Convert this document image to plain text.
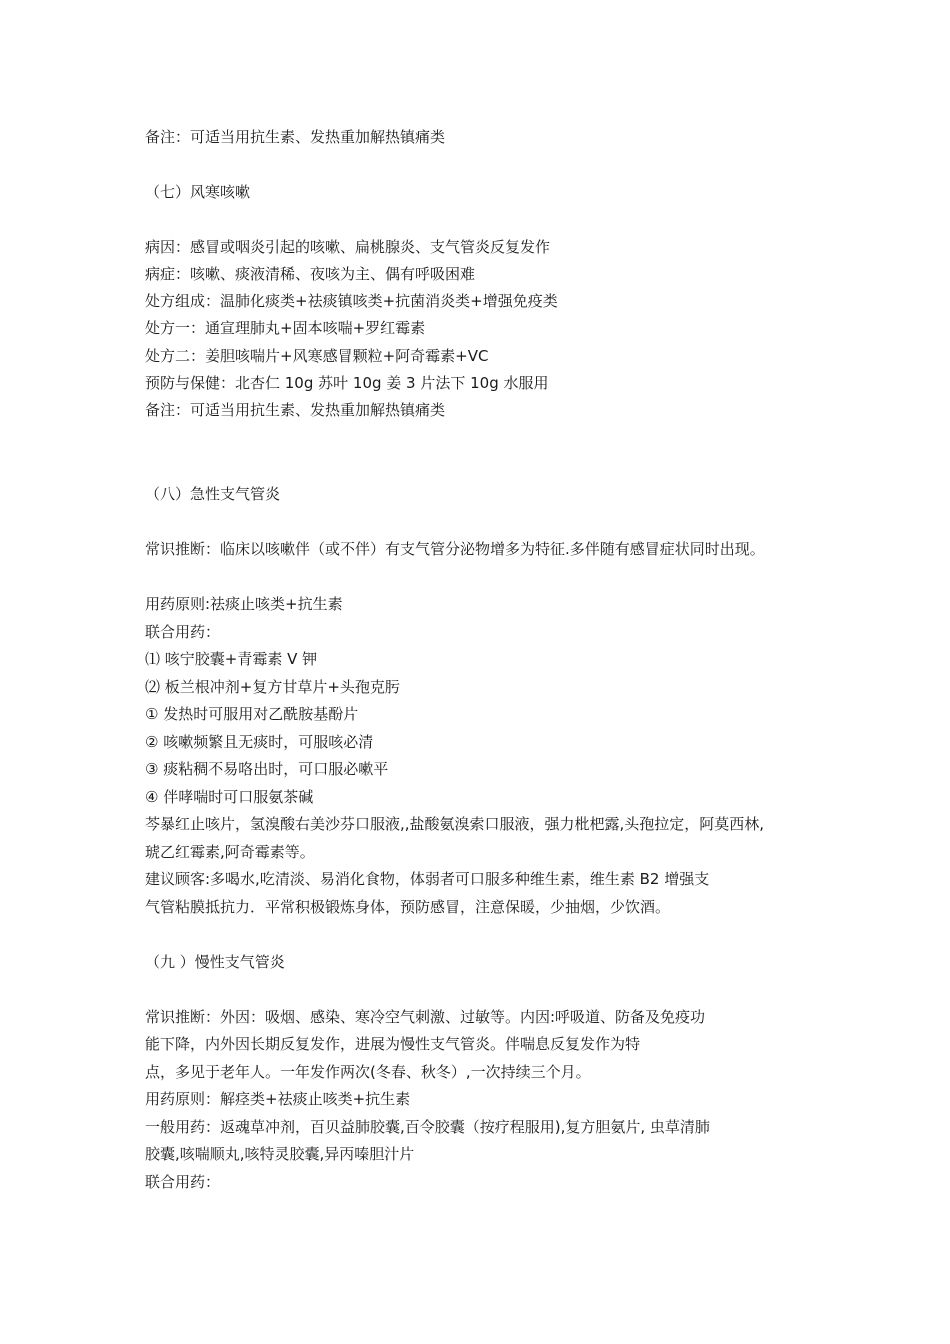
备注：可适当用抗生素、发热重加解热镇痛类

（七）风寒咳嗽

病因：感冒或咽炎引起的咳嗽、扁桃腺炎、支气管炎反复发作

病症：咳嗽、痰液清稀、夜咳为主、偶有呼吸困难

处方组成：温肺化痰类+祛痰镇咳类+抗菌消炎类+增强免疫类

处方一：通宣理肺丸+固本咳喘+罗红霉素

处方二：姜胆咳喘片+风寒感冒颗粒+阿奇霉素+VC

预防与保健：北杏仁 10g 苏叶 10g 姜 3 片法下 10g 水服用

备注：可适当用抗生素、发热重加解热镇痛类

（八）急性支气管炎

常识推断：临床以咳嗽伴（或不伴）有支气管分泌物增多为特征.多伴随有感冒症状同时出现。

用药原则:祛痰止咳类+抗生素

联合用药：

⑴ 咳宁胶囊+青霉素 V 钾

⑵ 板兰根冲剂+复方甘草片+头孢克肟

① 发热时可服用对乙酰胺基酚片

② 咳嗽频繁且无痰时，可服咳必清

③ 痰粘稠不易咯出时，可口服必嗽平

④ 伴哮喘时可口服氨茶碱

芩暴红止咳片，氢溴酸右美沙芬口服液,,盐酸氨溴索口服液，强力枇杷露,头孢拉定，阿莫西林,

琥乙红霉素,阿奇霉素等。

建议顾客:多喝水,吃清淡、易消化食物，体弱者可口服多种维生素，维生素 B2 增强支

气管粘膜抵抗力．平常积极锻炼身体，预防感冒，注意保暖，少抽烟，少饮酒。

（九 ）慢性支气管炎

常识推断：外因：吸烟、感染、寒冷空气刺激、过敏等。内因:呼吸道、防备及免疫功

能下降，内外因长期反复发作，进展为慢性支气管炎。伴喘息反复发作为特

点，多见于老年人。一年发作两次(冬春、秋冬）,一次持续三个月。

用药原则：解痉类+祛痰止咳类+抗生素

一般用药：返魂草冲剂，百贝益肺胶囊,百令胶囊（按疗程服用),复方胆氨片, 虫草清肺

胶囊,咳喘顺丸,咳特灵胶囊,异丙嗪胆汁片

联合用药：
